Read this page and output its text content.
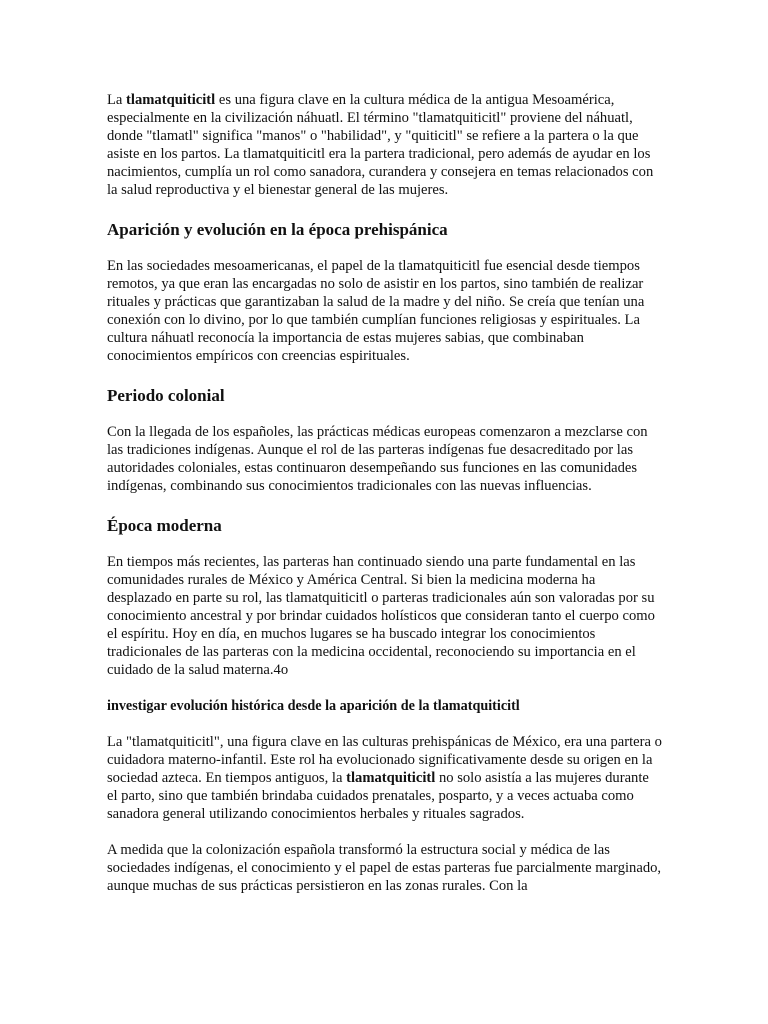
La tlamatquiticitl es una figura clave en la cultura médica de la antigua Mesoamérica, especialmente en la civilización náhuatl. El término "tlamatquiticitl" proviene del náhuatl, donde "tlamatl" significa "manos" o "habilidad", y "quiticitl" se refiere a la partera o la que asiste en los partos. La tlamatquiticitl era la partera tradicional, pero además de ayudar en los nacimientos, cumplía un rol como sanadora, curandera y consejera en temas relacionados con la salud reproductiva y el bienestar general de las mujeres.

Aparición y evolución en la época prehispánica

En las sociedades mesoamericanas, el papel de la tlamatquiticitl fue esencial desde tiempos remotos, ya que eran las encargadas no solo de asistir en los partos, sino también de realizar rituales y prácticas que garantizaban la salud de la madre y del niño. Se creía que tenían una conexión con lo divino, por lo que también cumplían funciones religiosas y espirituales. La cultura náhuatl reconocía la importancia de estas mujeres sabias, que combinaban conocimientos empíricos con creencias espirituales.

Periodo colonial

Con la llegada de los españoles, las prácticas médicas europeas comenzaron a mezclarse con las tradiciones indígenas. Aunque el rol de las parteras indígenas fue desacreditado por las autoridades coloniales, estas continuaron desempeñando sus funciones en las comunidades indígenas, combinando sus conocimientos tradicionales con las nuevas influencias.

Época moderna

En tiempos más recientes, las parteras han continuado siendo una parte fundamental en las comunidades rurales de México y América Central. Si bien la medicina moderna ha desplazado en parte su rol, las tlamatquiticitl o parteras tradicionales aún son valoradas por su conocimiento ancestral y por brindar cuidados holísticos que consideran tanto el cuerpo como el espíritu. Hoy en día, en muchos lugares se ha buscado integrar los conocimientos tradicionales de las parteras con la medicina occidental, reconociendo su importancia en el cuidado de la salud materna.4o

investigar evolución histórica desde la aparición de la tlamatquiticitl

La "tlamatquiticitl", una figura clave en las culturas prehispánicas de México, era una partera o cuidadora materno-infantil. Este rol ha evolucionado significativamente desde su origen en la sociedad azteca. En tiempos antiguos, la tlamatquiticitl no solo asistía a las mujeres durante el parto, sino que también brindaba cuidados prenatales, posparto, y a veces actuaba como sanadora general utilizando conocimientos herbales y rituales sagrados.

A medida que la colonización española transformó la estructura social y médica de las sociedades indígenas, el conocimiento y el papel de estas parteras fue parcialmente marginado, aunque muchas de sus prácticas persistieron en las zonas rurales. Con la
